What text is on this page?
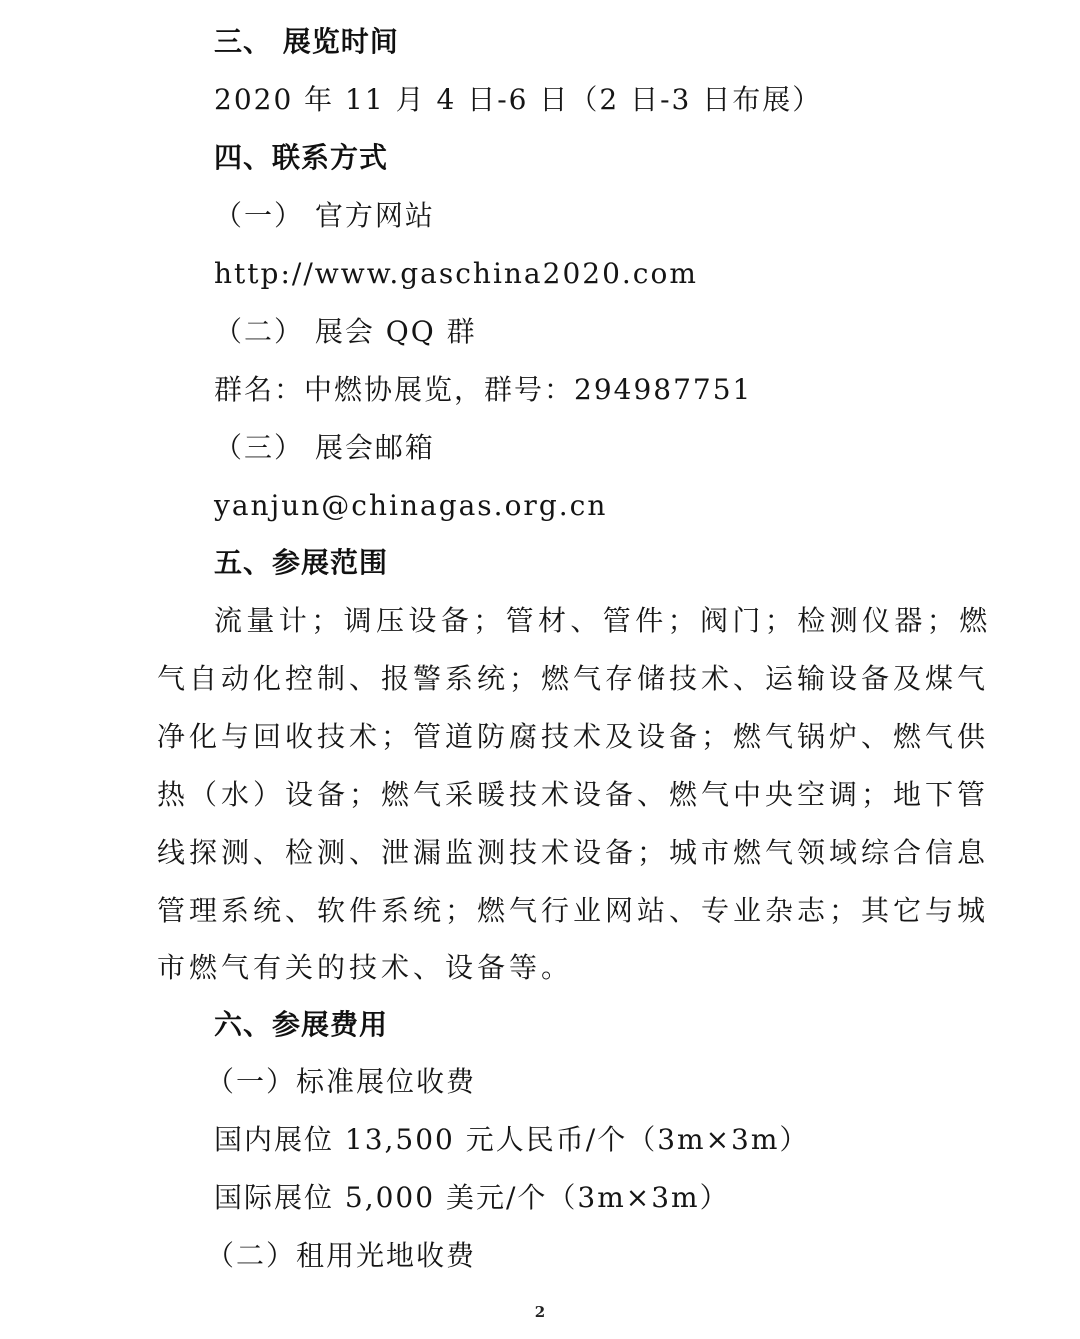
三、 展览时间
2020 年 11 月 4 日-6 日（2 日-3 日布展）
四、联系方式
（一） 官方网站
http://www.gaschina2020.com
（二） 展会 QQ 群
群名：中燃协展览，群号：294987751
（三） 展会邮箱
yanjun@chinagas.org.cn
五、参展范围
流量计；调压设备；管材、管件；阀门；检测仪器；燃
气自动化控制、报警系统；燃气存储技术、运输设备及煤气
净化与回收技术；管道防腐技术及设备；燃气锅炉、燃气供
热（水）设备；燃气采暖技术设备、燃气中央空调；地下管
线探测、检测、泄漏监测技术设备；城市燃气领域综合信息
管理系统、软件系统；燃气行业网站、专业杂志；其它与城
市燃气有关的技术、设备等。
六、参展费用
（一）标准展位收费
国内展位 13,500 元人民币/个（3m×3m）
国际展位 5,000 美元/个（3m×3m）
（二）租用光地收费
2
